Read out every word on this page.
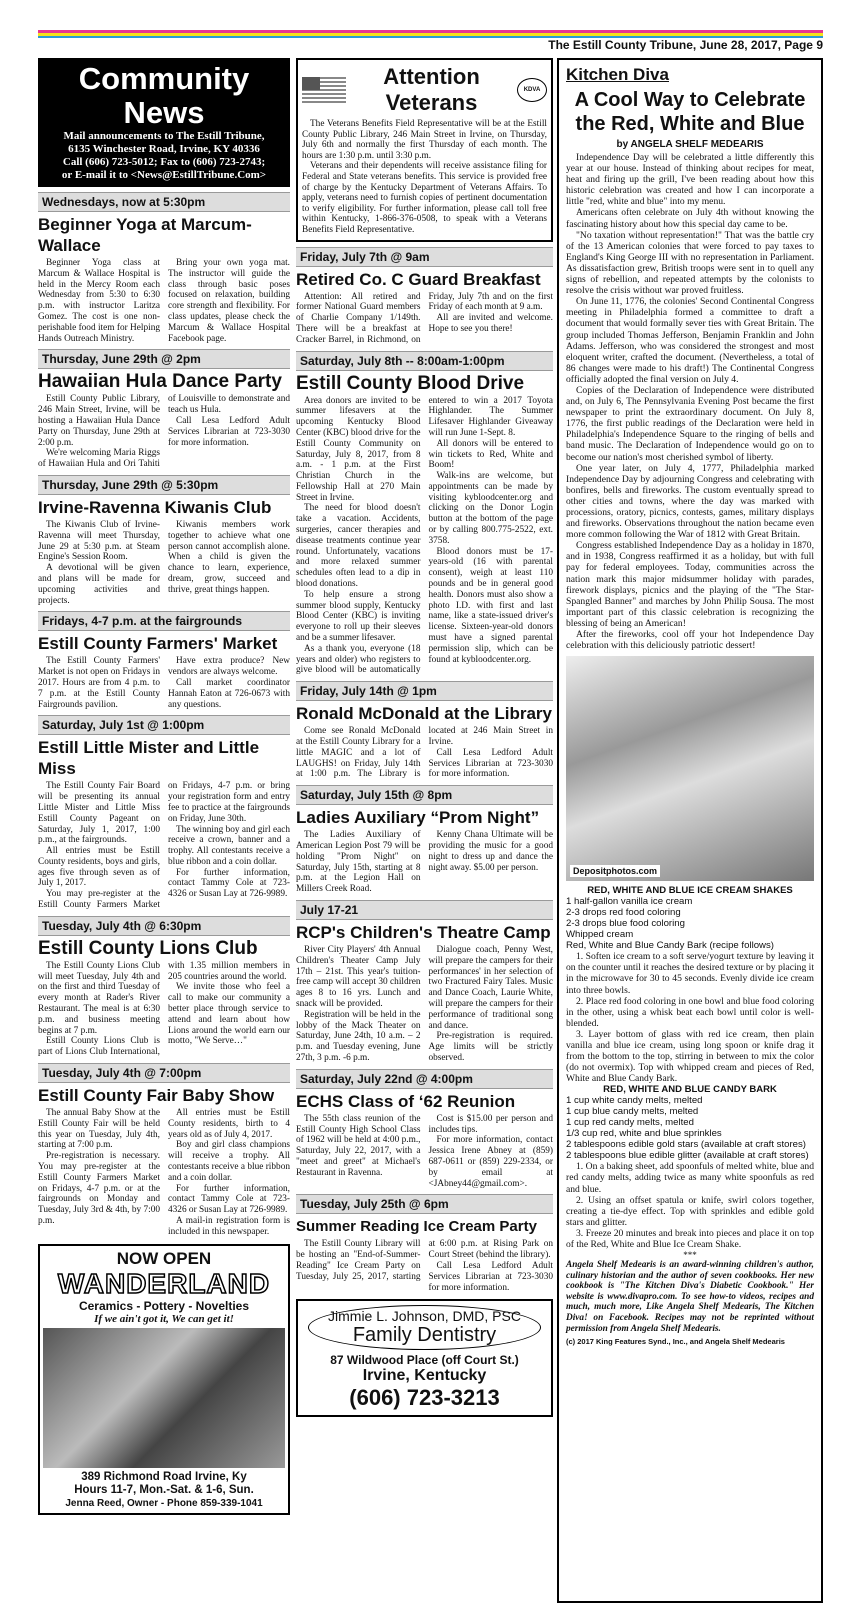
The Estill County Tribune, June 28, 2017, Page 9
Community News

Mail announcements to The Estill Tribune,

6135 Winchester Road, Irvine, KY 40336

Call (606) 723-5012; Fax to (606) 723-2743;

or E-mail it to <News@EstillTribune.Com>

Wednesdays, now at 5:30pm
Beginner Yoga at Marcum-Wallace

Beginner Yoga class at Marcum & Wallace Hospital is held in the Mercy Room each Wednesday from 5:30 to 6:30 p.m. with instructor Laritza Gomez. The cost is one non-perishable food item for Helping Hands Outreach Ministry.

Bring your own yoga mat. The instructor will guide the class through basic poses focused on relaxation, building core strength and flexibility. For class updates, please check the Marcum & Wallace Hospital Facebook page.

Thursday, June 29th @ 2pm
Hawaiian Hula Dance Party

Estill County Public Library, 246 Main Street, Irvine, will be hosting a Hawaiian Hula Dance Party on Thursday, June 29th at 2:00 p.m.

We're welcoming Maria Riggs of Hawaiian Hula and Ori Tahiti of Louisville to demonstrate and teach us Hula.

Call Lesa Ledford Adult Services Librarian at 723-3030 for more information.

Thursday, June 29th @ 5:30pm
Irvine-Ravenna Kiwanis Club

The Kiwanis Club of Irvine-Ravenna will meet Thursday, June 29 at 5:30 p.m. at Steam Engine's Session Room.

A devotional will be given and plans will be made for upcoming activities and projects.

Kiwanis members work together to achieve what one person cannot accomplish alone. When a child is given the chance to learn, experience, dream, grow, succeed and thrive, great things happen.

Fridays, 4-7 p.m. at the fairgrounds
Estill County Farmers' Market

The Estill County Farmers' Market is not open on Fridays in 2017. Hours are from 4 p.m. to 7 p.m. at the Estill County Fairgrounds pavilion.

Have extra produce? New vendors are always welcome.

Call market coordinator Hannah Eaton at 726-0673 with any questions.

Saturday, July 1st @ 1:00pm
Estill Little Mister and Little Miss

The Estill County Fair Board will be presenting its annual Little Mister and Little Miss Estill County Pageant on Saturday, July 1, 2017, 1:00 p.m., at the fairgrounds.

All entries must be Estill County residents, boys and girls, ages five through seven as of July 1, 2017.

You may pre-register at the Estill County Farmers Market on Fridays, 4-7 p.m. or bring your registration form and entry fee to practice at the fairgrounds on Friday, June 30th.

The winning boy and girl each receive a crown, banner and a trophy. All contestants receive a blue ribbon and a coin dollar.

For further information, contact Tammy Cole at 723-4326 or Susan Lay at 726-9989.

Tuesday, July 4th @ 6:30pm
Estill County Lions Club

The Estill County Lions Club will meet Tuesday, July 4th and on the first and third Tuesday of every month at Rader's River Restaurant. The meal is at 6:30 p.m. and business meeting begins at 7 p.m.

Estill County Lions Club is part of Lions Club International, with 1.35 million members in 205 countries around the world.

We invite those who feel a call to make our community a better place through service to attend and learn about how Lions around the world earn our motto, "We Serve…"

Tuesday, July 4th @ 7:00pm
Estill County Fair Baby Show

The annual Baby Show at the Estill County Fair will be held this year on Tuesday, July 4th, starting at 7:00 p.m.

Pre-registration is necessary. You may pre-register at the Estill County Farmers Market on Fridays, 4-7 p.m. or at the fairgrounds on Monday and Tuesday, July 3rd & 4th, by 7:00 p.m.

All entries must be Estill County residents, birth to 4 years old as of July 4, 2017.

Boy and girl class champions will receive a trophy. All contestants receive a blue ribbon and a coin dollar.

For further information, contact Tammy Cole at 723-4326 or Susan Lay at 726-9989.

A mail-in registration form is included in this newspaper.

NOW OPEN
WANDERLAND
Ceramics - Pottery - Novelties
If we ain't got it, We can get it!
389 Richmond Road Irvine, Ky
Hours 11-7, Mon.-Sat. & 1-6, Sun.
Jenna Reed, Owner - Phone 859-339-1041
Attention Veterans	KDVA

The Veterans Benefits Field Representative will be at the Estill County Public Library, 246 Main Street in Irvine, on Thursday, July 6th and normally the first Thursday of each month. The hours are 1:30 p.m. until 3:30 p.m.

Veterans and their dependents will receive assistance filing for Federal and State veterans benefits. This service is provided free of charge by the Kentucky Department of Veterans Affairs. To apply, veterans need to furnish copies of pertinent documentation to verify eligibility. For further information, please call toll free within Kentucky, 1-866-376-0508, to speak with a Veterans Benefits Field Representative.

Friday, July 7th @ 9am
Retired Co. C Guard Breakfast

Attention: All retired and former National Guard members of Charlie Company 1/149th. There will be a breakfast at Cracker Barrel, in Richmond, on Friday, July 7th and on the first Friday of each month at 9 a.m.

All are invited and welcome. Hope to see you there!

Saturday, July 8th -- 8:00am-1:00pm
Estill County Blood Drive

Area donors are invited to be summer lifesavers at the upcoming Kentucky Blood Center (KBC) blood drive for the Estill County Community on Saturday, July 8, 2017, from 8 a.m. - 1 p.m. at the First Christian Church in the Fellowship Hall at 270 Main Street in Irvine.

The need for blood doesn't take a vacation. Accidents, surgeries, cancer therapies and disease treatments continue year round. Unfortunately, vacations and more relaxed summer schedules often lead to a dip in blood donations.

To help ensure a strong summer blood supply, Kentucky Blood Center (KBC) is inviting everyone to roll up their sleeves and be a summer lifesaver.

As a thank you, everyone (18 years and older) who registers to give blood will be automatically entered to win a 2017 Toyota Highlander. The Summer Lifesaver Highlander Giveaway will run June 1-Sept. 8.

All donors will be entered to win tickets to Red, White and Boom!

Walk-ins are welcome, but appointments can be made by visiting kybloodcenter.org and clicking on the Donor Login button at the bottom of the page or by calling 800.775-2522, ext. 3758.

Blood donors must be 17-years-old (16 with parental consent), weigh at least 110 pounds and be in general good health. Donors must also show a photo I.D. with first and last name, like a state-issued driver's license. Sixteen-year-old donors must have a signed parental permission slip, which can be found at kybloodcenter.org.

Friday, July 14th @ 1pm
Ronald McDonald at the Library

Come see Ronald McDonald at the Estill County Library for a little MAGIC and a lot of LAUGHS! on Friday, July 14th at 1:00 p.m. The Library is located at 246 Main Street in Irvine.

Call Lesa Ledford Adult Services Librarian at 723-3030 for more information.

Saturday, July 15th @ 8pm
Ladies Auxiliary “Prom Night”

The Ladies Auxiliary of American Legion Post 79 will be holding "Prom Night" on Saturday, July 15th, starting at 8 p.m. at the Legion Hall on Millers Creek Road.

Kenny Chana Ultimate will be providing the music for a good night to dress up and dance the night away. $5.00 per person.

July 17-21
RCP's Children's Theatre Camp

River City Players' 4th Annual Children's Theater Camp July 17th – 21st. This year's tuition-free camp will accept 30 children ages 8 to 16 yrs. Lunch and snack will be provided.

Registration will be held in the lobby of the Mack Theater on Saturday, June 24th, 10 a.m. – 2 p.m. and Tuesday evening, June 27th, 3 p.m. -6 p.m.

Dialogue coach, Penny West, will prepare the campers for their performances' in her selection of two Fractured Fairy Tales. Music and Dance Coach, Laurie White, will prepare the campers for their performance of traditional song and dance.

Pre-registration is required. Age limits will be strictly observed.

Saturday, July 22nd @ 4:00pm
ECHS Class of ‘62 Reunion

The 55th class reunion of the Estill County High School Class of 1962 will be held at 4:00 p.m., Saturday, July 22, 2017, with a "meet and greet" at Michael's Restaurant in Ravenna.

Cost is $15.00 per person and includes tips.

For more information, contact Jessica Irene Abney at (859) 687-0611 or (859) 229-2334, or by email at <JAbney44@gmail.com>.

Tuesday, July 25th @ 6pm
Summer Reading Ice Cream Party

The Estill County Library will be hosting an "End-of-Summer-Reading" Ice Cream Party on Tuesday, July 25, 2017, starting at 6:00 p.m. at Rising Park on Court Street (behind the library).

Call Lesa Ledford Adult Services Librarian at 723-3030 for more information.

Jimmie L. Johnson, DMD, PSC
Family Dentistry
87 Wildwood Place (off Court St.)
Irvine, Kentucky
(606) 723-3213
Kitchen Diva
A Cool Way to Celebrate the Red, White and Blue
by ANGELA SHELF MEDEARIS

Independence Day will be celebrated a little differently this year at our house. Instead of thinking about recipes for meat, heat and firing up the grill, I've been reading about how this historic celebration was created and how I can incorporate a little "red, white and blue" into my menu.

Americans often celebrate on July 4th without knowing the fascinating history about how this special day came to be.

"No taxation without representation!" That was the battle cry of the 13 American colonies that were forced to pay taxes to England's King George III with no representation in Parliament. As dissatisfaction grew, British troops were sent in to quell any signs of rebellion, and repeated attempts by the colonists to resolve the crisis without war proved fruitless.

On June 11, 1776, the colonies' Second Continental Congress meeting in Philadelphia formed a committee to draft a document that would formally sever ties with Great Britain. The group included Thomas Jefferson, Benjamin Franklin and John Adams. Jefferson, who was considered the strongest and most eloquent writer, crafted the document. (Nevertheless, a total of 86 changes were made to his draft!) The Continental Congress officially adopted the final version on July 4.

Copies of the Declaration of Independence were distributed and, on July 6, The Pennsylvania Evening Post became the first newspaper to print the extraordinary document. On July 8, 1776, the first public readings of the Declaration were held in Philadelphia's Independence Square to the ringing of bells and band music. The Declaration of Independence would go on to become our nation's most cherished symbol of liberty.

One year later, on July 4, 1777, Philadelphia marked Independence Day by adjourning Congress and celebrating with bonfires, bells and fireworks. The custom eventually spread to other cities and towns, where the day was marked with processions, oratory, picnics, contests, games, military displays and fireworks. Observations throughout the nation became even more common following the War of 1812 with Great Britain.

Congress established Independence Day as a holiday in 1870, and in 1938, Congress reaffirmed it as a holiday, but with full pay for federal employees. Today, communities across the nation mark this major midsummer holiday with parades, firework displays, picnics and the playing of the "The Star-Spangled Banner" and marches by John Philip Sousa. The most important part of this classic celebration is recognizing the blessing of being an American!

After the fireworks, cool off your hot Independence Day celebration with this deliciously patriotic dessert!

Depositphotos.com
RED, WHITE AND BLUE ICE CREAM SHAKES
1 half-gallon vanilla ice cream
2-3 drops red food coloring
2-3 drops blue food coloring
Whipped cream
Red, White and Blue Candy Bark (recipe follows)

1. Soften ice cream to a soft serve/yogurt texture by leaving it on the counter until it reaches the desired texture or by placing it in the microwave for 30 to 45 seconds. Evenly divide ice cream into three bowls.

2. Place red food coloring in one bowl and blue food coloring in the other, using a whisk beat each bowl until color is well-blended.

3. Layer bottom of glass with red ice cream, then plain vanilla and blue ice cream, using long spoon or knife drag it from the bottom to the top, stirring in between to mix the color (do not overmix). Top with whipped cream and pieces of Red, White and Blue Candy Bark.

RED, WHITE AND BLUE CANDY BARK
1 cup white candy melts, melted
1 cup blue candy melts, melted
1 cup red candy melts, melted
1/3 cup red, white and blue sprinkles
2 tablespoons edible gold stars (available at craft stores)
2 tablespoons blue edible glitter (available at craft stores)

1. On a baking sheet, add spoonfuls of melted white, blue and red candy melts, adding twice as many white spoonfuls as red and blue.

2. Using an offset spatula or knife, swirl colors together, creating a tie-dye effect. Top with sprinkles and edible gold stars and glitter.

3. Freeze 20 minutes and break into pieces and place it on top of the Red, White and Blue Ice Cream Shake.

***
Angela Shelf Medearis is an award-winning children's author, culinary historian and the author of seven cookbooks. Her new cookbook is "The Kitchen Diva's Diabetic Cookbook." Her website is www.divapro.com. To see how-to videos, recipes and much, much more, Like Angela Shelf Medearis, The Kitchen Diva! on Facebook. Recipes may not be reprinted without permission from Angela Shelf Medearis.
(c) 2017 King Features Synd., Inc., and Angela Shelf Medearis
